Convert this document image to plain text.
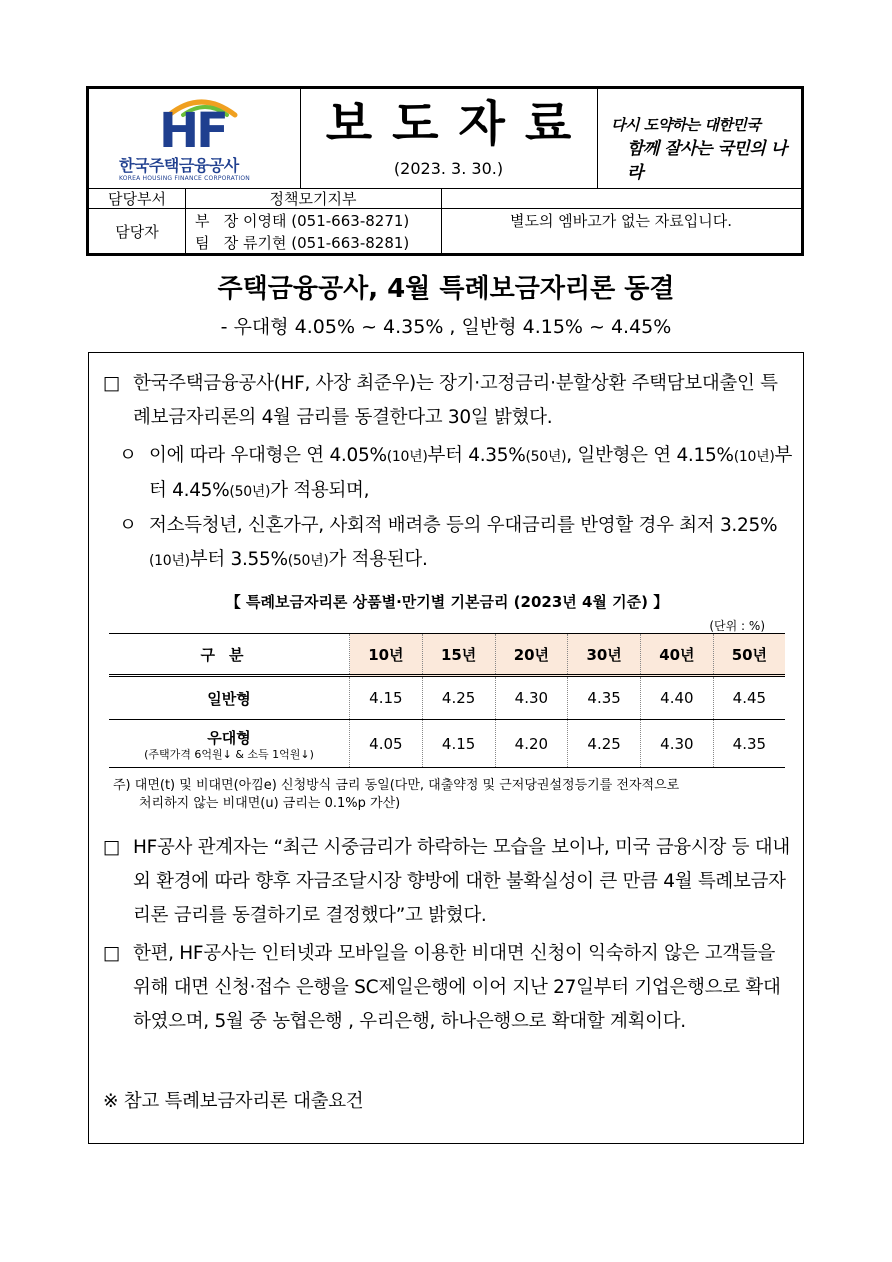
HF
한국주택금융공사
KOREA HOUSING FINANCE CORPORATION
보도자료
(2023. 3. 30.)
다시 도약하는 대한민국
함께 잘사는 국민의 나라
담당부서	정책모기지부
담당자
부   장 이영태 (051-663-8271)
팀   장 류기현 (051-663-8281)
별도의 엠바고가 없는 자료입니다.
주택금융공사, 4월 특례보금자리론 동결
- 우대형 4.05% ~ 4.35% , 일반형 4.15% ~ 4.45%
□ 한국주택금융공사(HF, 사장 최준우)는 장기·고정금리·분할상환 주택담보대출인 특례보금자리론의 4월 금리를 동결한다고 30일 밝혔다.
ㅇ 이에 따라 우대형은 연 4.05%(10년)부터 4.35%(50년), 일반형은 연 4.15%(10년)부터 4.45%(50년)가 적용되며,
ㅇ 저소득청년, 신혼가구, 사회적 배려층 등의 우대금리를 반영할 경우 최저 3.25%(10년)부터 3.55%(50년)가 적용된다.
【 특례보금자리론 상품별·만기별 기본금리 (2023년 4월 기준) 】
(단위 : %)
구분	10년	15년	20년	30년	40년	50년
일반형	4.15	4.25	4.30	4.35	4.40	4.45
우대형
(주택가격 6억원↓ & 소득 1억원↓)	4.05	4.15	4.20	4.25	4.30	4.35
주) 대면(t) 및 비대면(아낌e) 신청방식 금리 동일(다만, 대출약정 및 근저당권설정등기를 전자적으로
처리하지 않는 비대면(u) 금리는 0.1%p 가산)
□ HF공사 관계자는 “최근 시중금리가 하락하는 모습을 보이나, 미국 금융시장 등 대내외 환경에 따라 향후 자금조달시장 향방에 대한 불확실성이 큰 만큼 4월 특례보금자리론 금리를 동결하기로 결정했다”고 밝혔다.
□ 한편, HF공사는 인터넷과 모바일을 이용한 비대면 신청이 익숙하지 않은 고객들을 위해 대면 신청·접수 은행을 SC제일은행에 이어 지난 27일부터 기업은행으로 확대하였으며, 5월 중 농협은행 , 우리은행, 하나은행으로 확대할 계획이다.
※ 참고 특례보금자리론 대출요건
